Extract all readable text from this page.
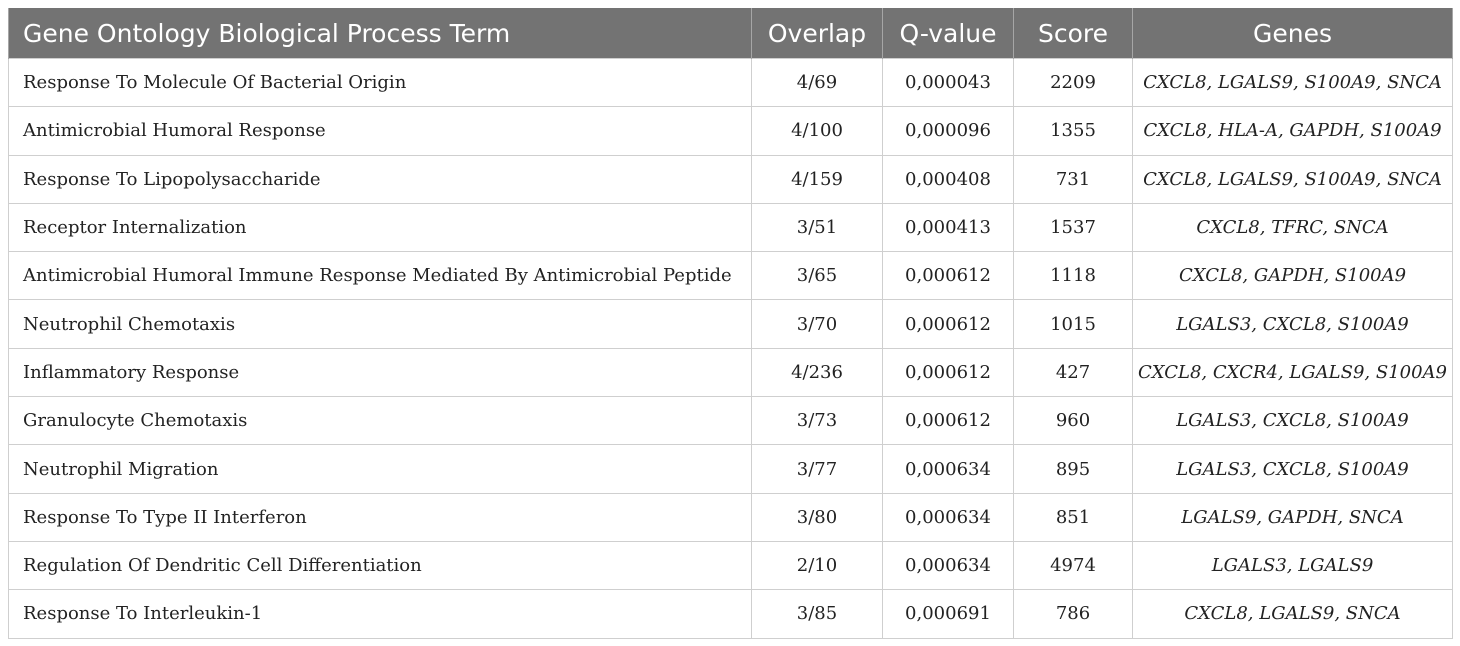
Gene Ontology Biological Process Term	Overlap	Q-value	Score	Genes
Response To Molecule Of Bacterial Origin	4/69	0,000043	2209	CXCL8, LGALS9, S100A9, SNCA
Antimicrobial Humoral Response	4/100	0,000096	1355	CXCL8, HLA-A, GAPDH, S100A9
Response To Lipopolysaccharide	4/159	0,000408	731	CXCL8, LGALS9, S100A9, SNCA
Receptor Internalization	3/51	0,000413	1537	CXCL8, TFRC, SNCA
Antimicrobial Humoral Immune Response Mediated By Antimicrobial Peptide	3/65	0,000612	1118	CXCL8, GAPDH, S100A9
Neutrophil Chemotaxis	3/70	0,000612	1015	LGALS3, CXCL8, S100A9
Inflammatory Response	4/236	0,000612	427	CXCL8, CXCR4, LGALS9, S100A9
Granulocyte Chemotaxis	3/73	0,000612	960	LGALS3, CXCL8, S100A9
Neutrophil Migration	3/77	0,000634	895	LGALS3, CXCL8, S100A9
Response To Type II Interferon	3/80	0,000634	851	LGALS9, GAPDH, SNCA
Regulation Of Dendritic Cell Differentiation	2/10	0,000634	4974	LGALS3, LGALS9
Response To Interleukin-1	3/85	0,000691	786	CXCL8, LGALS9, SNCA
